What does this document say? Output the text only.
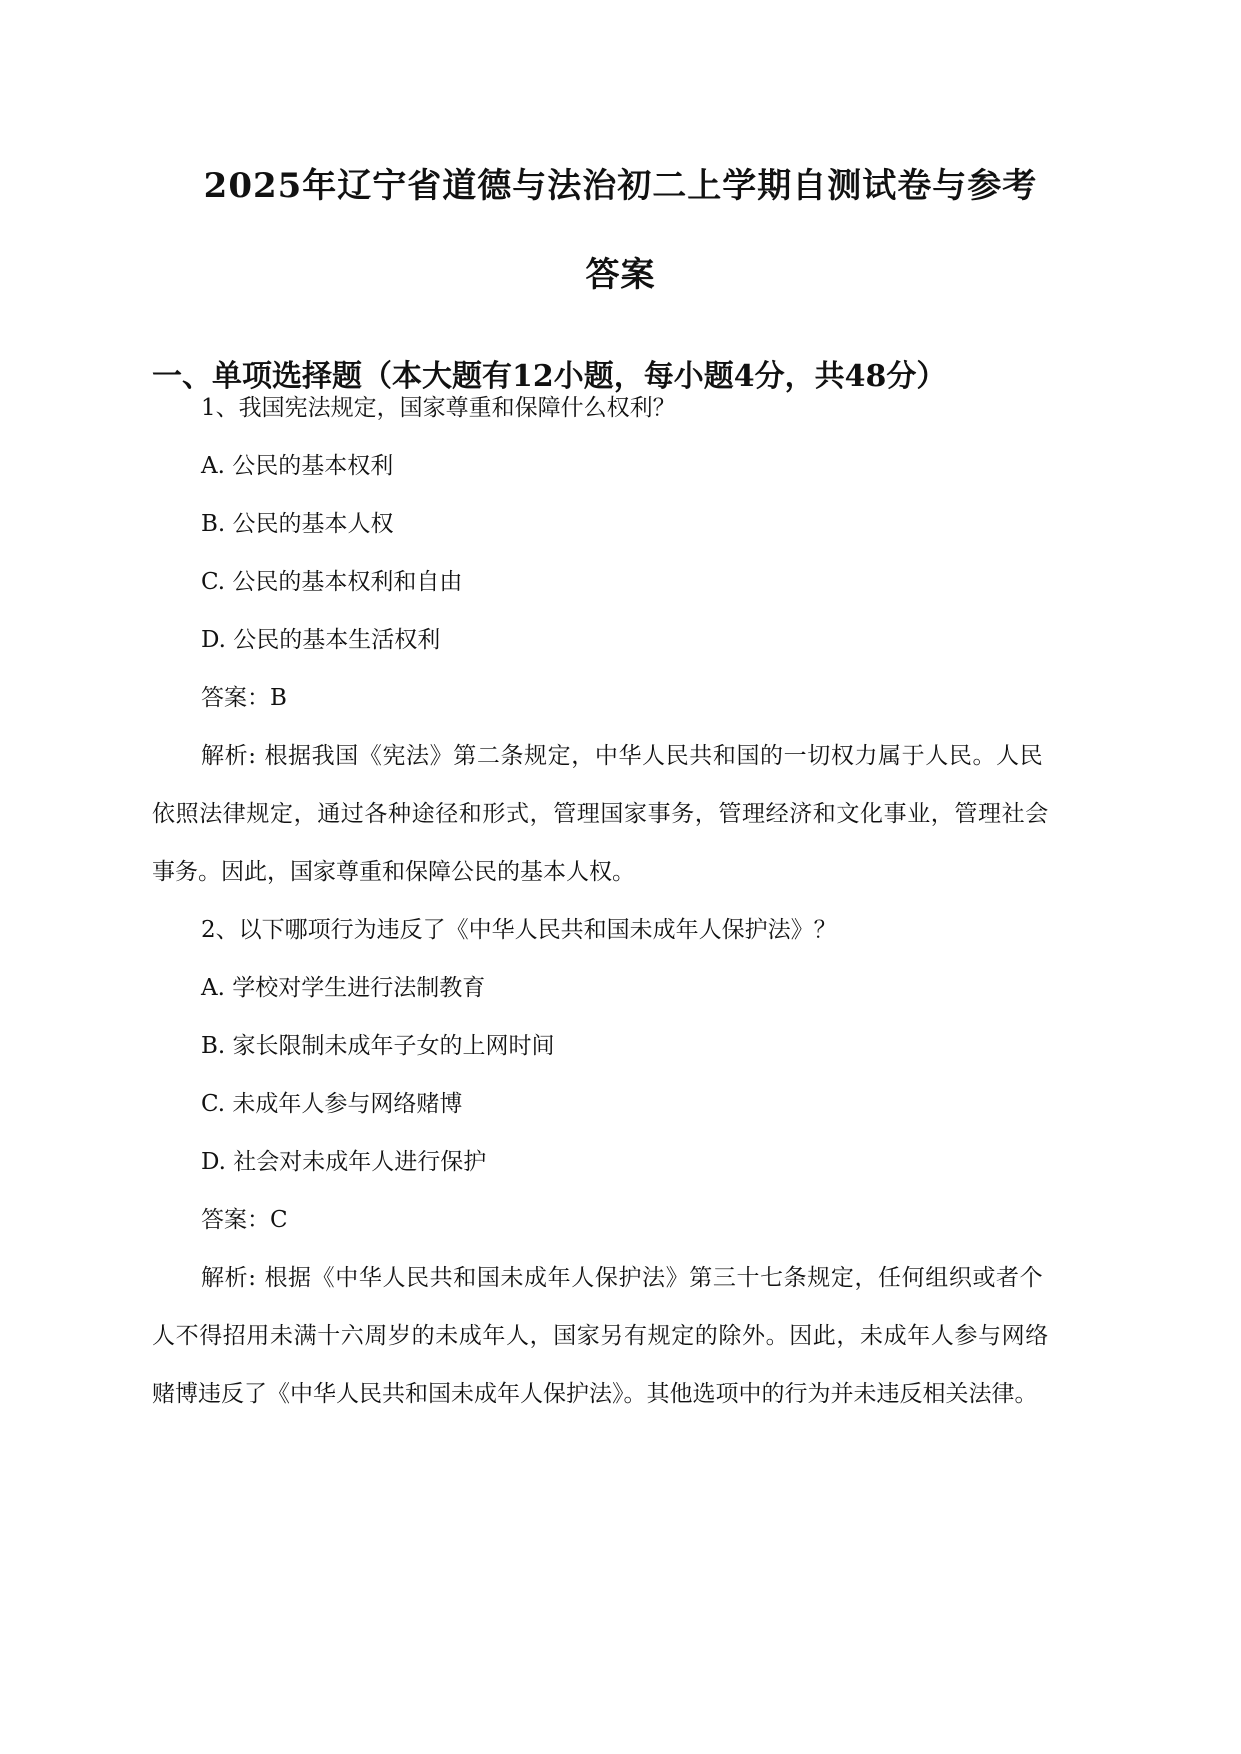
2025年辽宁省道德与法治初二上学期自测试卷与参考
答案
一、单项选择题（本大题有12小题，每小题4分，共48分）
1、我国宪法规定，国家尊重和保障什么权利？
A. 公民的基本权利
B. 公民的基本人权
C. 公民的基本权利和自由
D. 公民的基本生活权利
答案：B
解析: 根据我国《宪法》第二条规定，中华人民共和国的一切权力属于人民。人民
依照法律规定，通过各种途径和形式，管理国家事务，管理经济和文化事业，管理社会
事务。因此，国家尊重和保障公民的基本人权。
2、以下哪项行为违反了《中华人民共和国未成年人保护法》？
A. 学校对学生进行法制教育
B. 家长限制未成年子女的上网时间
C. 未成年人参与网络赌博
D. 社会对未成年人进行保护
答案：C
解析: 根据《中华人民共和国未成年人保护法》第三十七条规定，任何组织或者个
人不得招用未满十六周岁的未成年人，国家另有规定的除外。因此，未成年人参与网络
赌博违反了《中华人民共和国未成年人保护法》。其他选项中的行为并未违反相关法律。
